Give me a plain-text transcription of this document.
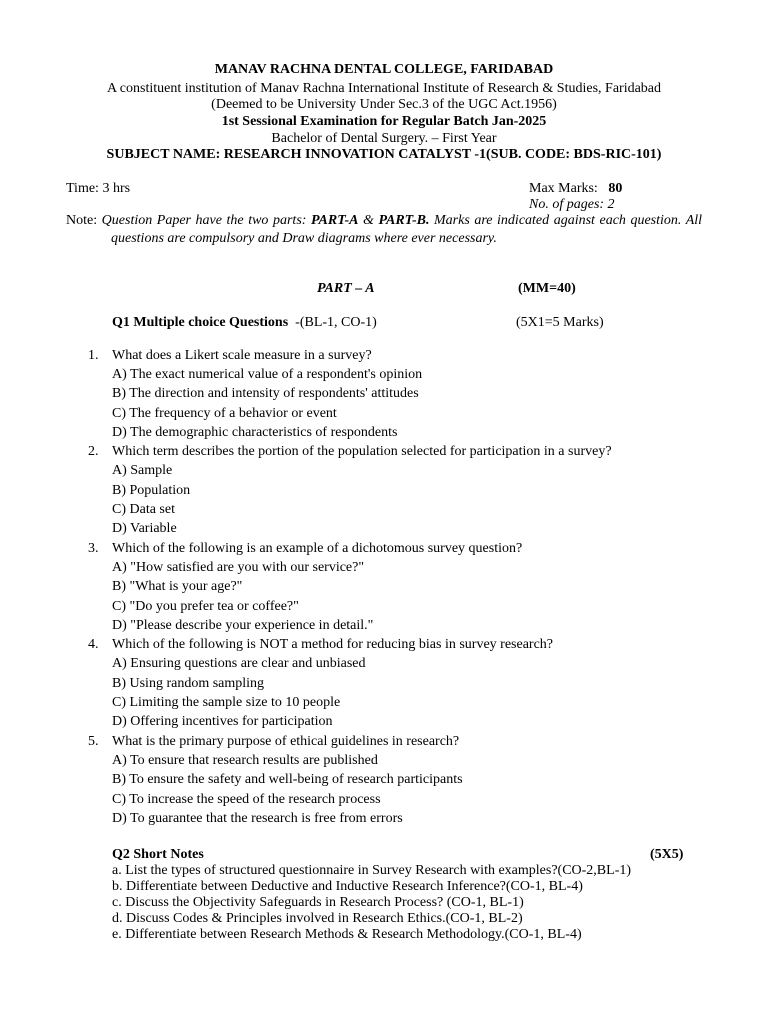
MANAV RACHNA DENTAL COLLEGE, FARIDABAD
A constituent institution of Manav Rachna International Institute of Research & Studies, Faridabad
(Deemed to be University Under Sec.3 of the UGC Act.1956)
1st Sessional Examination for Regular Batch Jan-2025
Bachelor of Dental Surgery. – First Year
SUBJECT NAME: RESEARCH INNOVATION CATALYST -1(SUB. CODE: BDS-RIC-101)
Time: 3 hrs	Max Marks: 80
No. of pages: 2
Note: Question Paper have the two parts: PART-A & PART-B. Marks are indicated against each question. All questions are compulsory and Draw diagrams where ever necessary.
PART – A	(MM=40)
Q1 Multiple choice Questions -(BL-1, CO-1)	(5X1=5 Marks)
1. What does a Likert scale measure in a survey?
A) The exact numerical value of a respondent's opinion
B) The direction and intensity of respondents' attitudes
C) The frequency of a behavior or event
D) The demographic characteristics of respondents
2. Which term describes the portion of the population selected for participation in a survey?
A) Sample
B) Population
C) Data set
D) Variable
3. Which of the following is an example of a dichotomous survey question?
A) "How satisfied are you with our service?"
B) "What is your age?"
C) "Do you prefer tea or coffee?"
D) "Please describe your experience in detail."
4. Which of the following is NOT a method for reducing bias in survey research?
A) Ensuring questions are clear and unbiased
B) Using random sampling
C) Limiting the sample size to 10 people
D) Offering incentives for participation
5. What is the primary purpose of ethical guidelines in research?
A) To ensure that research results are published
B) To ensure the safety and well-being of research participants
C) To increase the speed of the research process
D) To guarantee that the research is free from errors
Q2 Short Notes	(5X5)
a. List the types of structured questionnaire in Survey Research with examples?(CO-2,BL-1)
b. Differentiate between Deductive and Inductive Research Inference?(CO-1, BL-4)
c. Discuss the Objectivity Safeguards in Research Process? (CO-1, BL-1)
d. Discuss Codes & Principles involved in Research Ethics.(CO-1, BL-2)
e. Differentiate between Research Methods & Research Methodology.(CO-1, BL-4)
